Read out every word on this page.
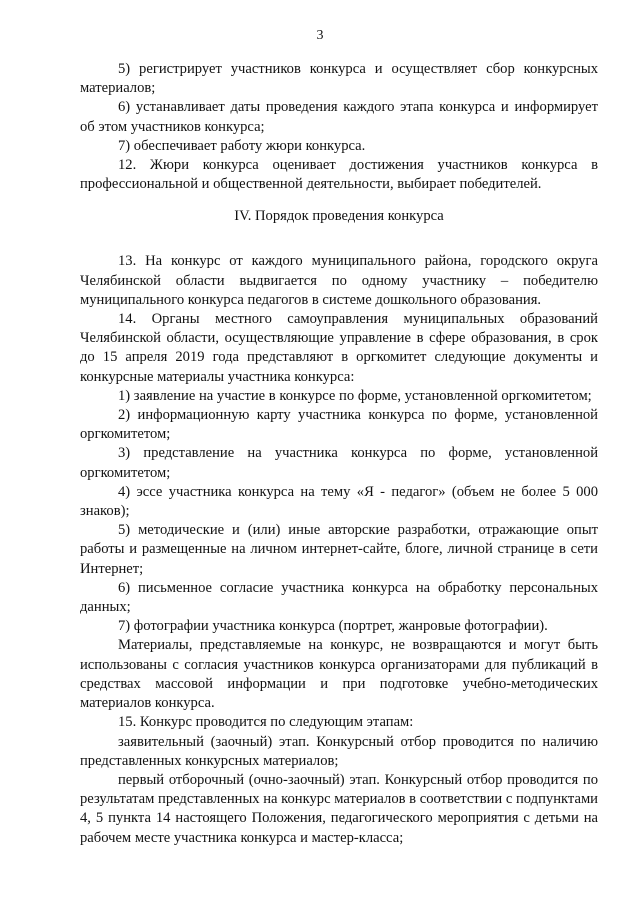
3

5) регистрирует участников конкурса и осуществляет сбор конкурсных материалов;

6) устанавливает даты проведения каждого этапа конкурса и информирует об этом участников конкурса;

7) обеспечивает работу жюри конкурса.

12. Жюри конкурса оценивает достижения участников конкурса в профессиональной и общественной деятельности, выбирает победителей.

IV. Порядок проведения конкурса

13. На конкурс от каждого муниципального района, городского округа Челябинской области выдвигается по одному участнику – победителю муниципального конкурса педагогов в системе дошкольного образования.

14. Органы местного самоуправления муниципальных образований Челябинской области, осуществляющие управление в сфере образования, в срок до 15 апреля 2019 года представляют в оргкомитет следующие документы и конкурсные материалы участника конкурса:

1) заявление на участие в конкурсе по форме, установленной оргкомитетом;

2) информационную карту участника конкурса по форме, установленной оргкомитетом;

3) представление на участника конкурса по форме, установленной оргкомитетом;

4) эссе участника конкурса на тему «Я - педагог» (объем не более 5 000 знаков);

5) методические и (или) иные авторские разработки, отражающие опыт работы и размещенные на личном интернет-сайте, блоге, личной странице в сети Интернет;

6) письменное согласие участника конкурса на обработку персональных данных;

7) фотографии участника конкурса (портрет, жанровые фотографии).

Материалы, представляемые на конкурс, не возвращаются и могут быть использованы с согласия участников конкурса организаторами для публикаций в средствах массовой информации и при подготовке учебно-методических материалов конкурса.

15. Конкурс проводится по следующим этапам:

заявительный (заочный) этап. Конкурсный отбор проводится по наличию представленных конкурсных материалов;

первый отборочный (очно-заочный) этап. Конкурсный отбор проводится по результатам представленных на конкурс материалов в соответствии с подпунктами 4, 5 пункта 14 настоящего Положения, педагогического мероприятия с детьми на рабочем месте участника конкурса и мастер-класса;
